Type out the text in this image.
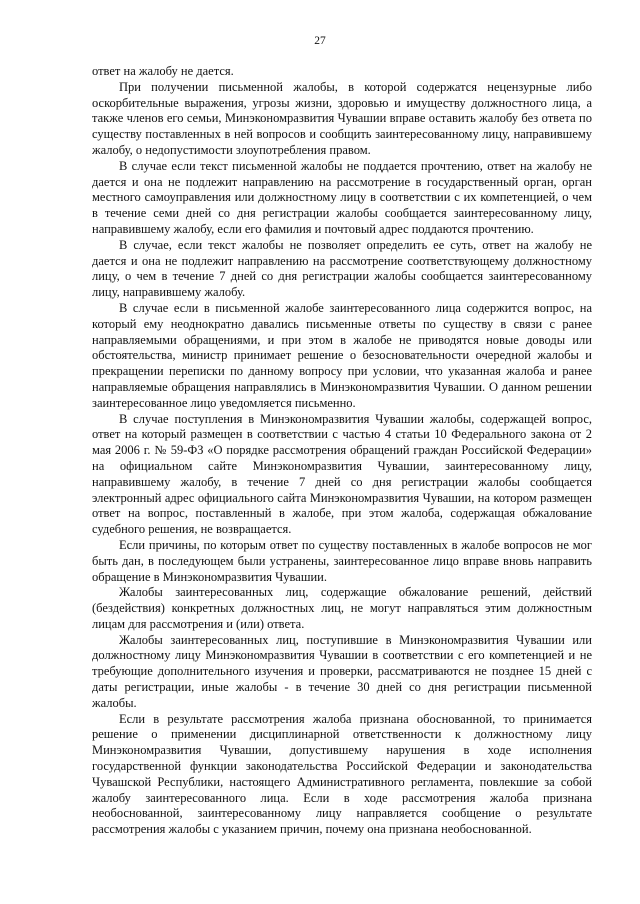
27

ответ на жалобу не дается.

При получении письменной жалобы, в которой содержатся нецензурные либо оскорбительные выражения, угрозы жизни, здоровью и имуществу должностного лица, а также членов его семьи, Минэкономразвития Чувашии вправе оставить жалобу без ответа по существу поставленных в ней вопросов и сообщить заинтересованному лицу, направившему жалобу, о недопустимости злоупотребления правом.

В случае если текст письменной жалобы не поддается прочтению, ответ на жалобу не дается и она не подлежит направлению на рассмотрение в государственный орган, орган местного самоуправления или должностному лицу в соответствии с их компетенцией, о чем в течение семи дней со дня регистрации жалобы сообщается заинтересованному лицу, направившему жалобу, если его фамилия и почтовый адрес поддаются прочтению.

В случае, если текст жалобы не позволяет определить ее суть, ответ на жалобу не дается и она не подлежит направлению на рассмотрение соответствующему должностному лицу, о чем в течение 7 дней со дня регистрации жалобы сообщается заинтересованному лицу, направившему жалобу.

В случае если в письменной жалобе заинтересованного лица содержится вопрос, на который ему неоднократно давались письменные ответы по существу в связи с ранее направляемыми обращениями, и при этом в жалобе не приводятся новые доводы или обстоятельства, министр принимает решение о безосновательности очередной жалобы и прекращении переписки по данному вопросу при условии, что указанная жалоба и ранее направляемые обращения направлялись в Минэкономразвития Чувашии. О данном решении заинтересованное лицо уведомляется письменно.

В случае поступления в Минэкономразвития Чувашии жалобы, содержащей вопрос, ответ на который размещен в соответствии с частью 4 статьи 10 Федерального закона от 2 мая 2006 г. № 59-ФЗ «О порядке рассмотрения обращений граждан Российской Федерации» на официальном сайте Минэкономразвития Чувашии, заинтересованному лицу, направившему жалобу, в течение 7 дней со дня регистрации жалобы сообщается электронный адрес официального сайта Минэкономразвития Чувашии, на котором размещен ответ на вопрос, поставленный в жалобе, при этом жалоба, содержащая обжалование судебного решения, не возвращается.

Если причины, по которым ответ по существу поставленных в жалобе вопросов не мог быть дан, в последующем были устранены, заинтересованное лицо вправе вновь направить обращение в Минэкономразвития Чувашии.

Жалобы заинтересованных лиц, содержащие обжалование решений, действий (бездействия) конкретных должностных лиц, не могут направляться этим должностным лицам для рассмотрения и (или) ответа.

Жалобы заинтересованных лиц, поступившие в Минэкономразвития Чувашии или должностному лицу Минэкономразвития Чувашии в соответствии с его компетенцией и не требующие дополнительного изучения и проверки, рассматриваются не позднее 15 дней с даты регистрации, иные жалобы - в течение 30 дней со дня регистрации письменной жалобы.

Если в результате рассмотрения жалоба признана обоснованной, то принимается решение о применении дисциплинарной ответственности к должностному лицу Минэкономразвития Чувашии, допустившему нарушения в ходе исполнения государственной функции законодательства Российской Федерации и законодательства Чувашской Республики, настоящего Административного регламента, повлекшие за собой жалобу заинтересованного лица. Если в ходе рассмотрения жалоба признана необоснованной, заинтересованному лицу направляется сообщение о результате рассмотрения жалобы с указанием причин, почему она признана необоснованной.
